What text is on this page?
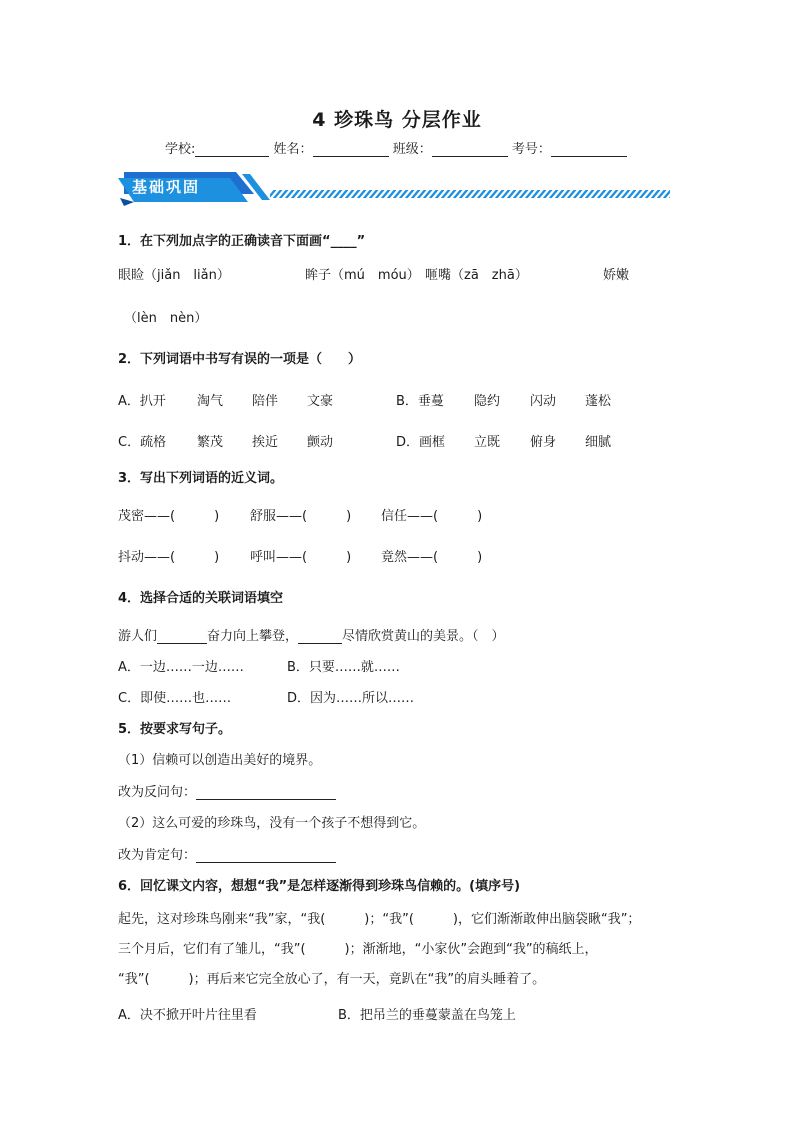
4 珍珠鸟 分层作业
学校:	姓名：	班级：	考号：
基础巩固
1．在下列加点字的正确读音下面画“____”
眼睑（jiǎn　liǎn）	眸子（mú　móu） 咂嘴（zā　zhā）	娇嫩
（lèn　nèn）
2．下列词语中书写有误的一项是（　　）
A．扒开 淘气 陪伴 文豪	B．垂蔓 隐约 闪动 蓬松
C．疏格 繁茂 挨近 颤动	D．画框 立既 俯身 细腻
3．写出下列词语的近义词。
茂密——(　　　) 舒服——(　　　) 信任——(　　　)
抖动——(　　　) 呼叫——(　　　) 竟然——(　　　)
4．选择合适的关联词语填空
游人们	奋力向上攀登，	尽情欣赏黄山的美景。（　）
A．一边……一边……	B．只要……就……
C．即使……也……	D．因为……所以……
5．按要求写句子。
（1）信赖可以创造出美好的境界。
改为反问句：
（2）这么可爱的珍珠鸟，没有一个孩子不想得到它。
改为肯定句：
6．回忆课文内容，想想“我”是怎样逐渐得到珍珠鸟信赖的。(填序号)
起先，这对珍珠鸟刚来“我”家，“我(　　　)；“我”(　　　)，它们渐渐敢伸出脑袋瞅“我”；
三个月后，它们有了雏儿，“我”(　　　)；渐渐地，“小家伙”会跑到“我”的稿纸上，
“我”(　　　)；再后来它完全放心了，有一天，竟趴在“我”的肩头睡着了。
A．决不掀开叶片往里看	B．把吊兰的垂蔓蒙盖在鸟笼上
